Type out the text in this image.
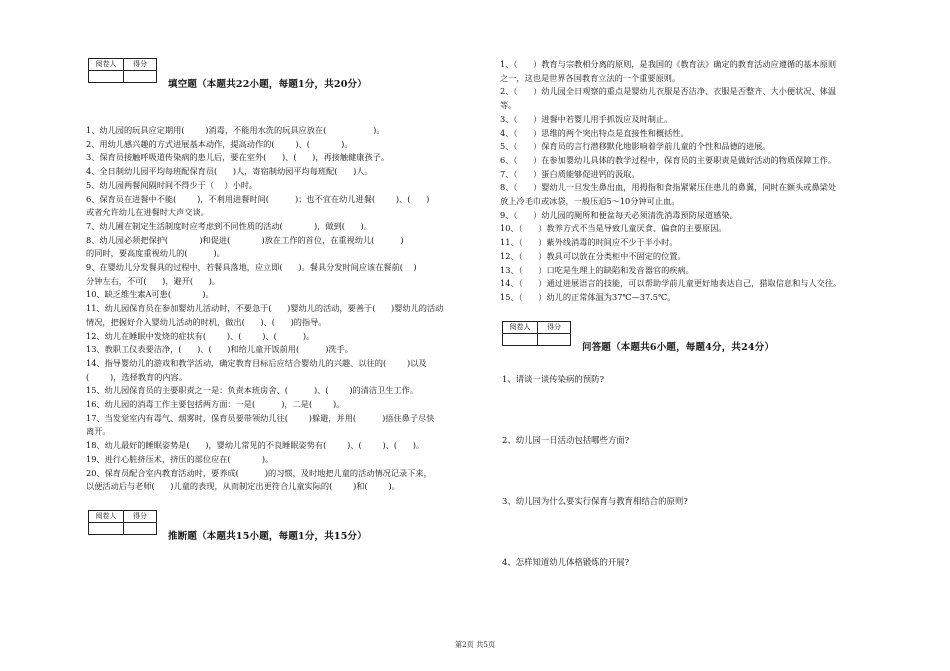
阅卷人	得分

填空题（本题共22小题，每题1分，共20分）
1、幼儿园的玩具应定期用(        )消毒，不能用水洗的玩具应放在(                  )。
2、用幼儿感兴趣的方式进展基本动作，提高动作的(        )、(            )。
3、保育员接触呼吸道传染病的患儿后，要在室外(      )、(      )，再接触健康孩子。
4、全日制幼儿园平均每班配保育员(      )人，寄宿制幼园平均每班配(      )人。
5、幼儿园两餐间隔时间不得少于（    ）小时。
6、保育员在进餐中不能(        )，不利用进餐时间(          )；也不宜在幼儿进餐(        )、(      )
或者允许幼儿在进餐时大声交谈。
7、幼儿圃在制定生活制度时应考虑到不同性质的活动(            )，做到(      )。
8、幼儿园必须把保护(            )和促进(            )放在工作的首位，在重视幼儿(          )
的同时，要高度重视幼儿的(          )。
9、在婴幼儿分发餐具的过程中，若餐具落地，应立即(      )。餐具分发时间应该在餐前(    )
分钟左右，不可(      )，避开(      )。
10、缺乏维生素A可患(            )。
11、幼儿园保育员在参加婴幼儿活动时，不要急于(      )婴幼儿的活动，要善于(      )婴幼儿的活动
情况，把握好介入婴幼儿活动的时机，做出(      )、(      )的指导。
12、幼儿在睡眠中发烧的症状有(        )、(        )、(          )。
13、教职工仪表要洁净，(      )、(      )和给儿童开饭前用(          )洗手。
14、指导婴幼儿的游戏和教学活动，确定教育目标后应结合婴幼儿的兴趣、以往的(        )以及
(        )，选择教育的内容。
15、幼儿园保育员的主要职责之一是：负责本班房舍、(          )、(        )的清洁卫生工作。
16、幼儿园的消毒工作主要包括两方面：一是(          )，二是(        )。
17、当发觉室内有毒气、烟雾时，保育员要带领幼儿往(        )躲避，并用(          )捂住鼻子尽快
离开。
18、幼儿最好的睡眠姿势是(      )，婴幼儿常见的不良睡眠姿势有(        )、(        )、(      )。
19、进行心脏挤压术，挤压的部位应在(            )。
20、保育员配合室内教育活动时，要养成(          )的习惯，及时地把儿童的活动情况记录下来，
以便活动后与老师(      )儿童的表现，从而制定出更符合儿童实际的(        )和(        )。
阅卷人	得分

推断题（本题共15小题，每题1分，共15分）
1、（      ）教育与宗教相分离的原则，是我国的《教育法》确定的教育活动应遵循的基本原则
之一，这也是世界各国教育立法的一个重要原则。
2、（      ）幼儿园全日观察的重点是婴幼儿衣服是否洁净、衣服是否整齐、大小便状况、体温
等。
3、（      ）进餐中若婴儿用手抓饭应及时制止。
4、（      ）思维的两个突出特点是直接性和概括性。
5、（      ）保育员的言行潜移默化地影响着学前儿童的个性和品德的进展。
6、（      ）在参加婴幼儿具体的教学过程中，保育员的主要职责是做好活动的物质保障工作。
7、（      ）蛋白质能够促进钙的汲取。
8、（      ）婴幼儿一旦发生鼻出血，用拇指和食指紧紧压住患儿的鼻翼，同时在额头或鼻梁处
放上冷毛巾或冰袋，一般压迫5～10分钟可止血。
9、（      ）幼儿园的厕所和便盆每天必须清洗消毒预防尿道感染。
10、（      ）教养方式不当是导致儿童厌食、偏食的主要原因。
11、（      ）紫外线消毒的时间应不少于半小时。
12、（      ）教具可以放在分类柜中不固定的位置。
13、（      ）口吃是生理上的缺陷和发音器官的疾病。
14、（      ）通过进展语言的技能，可以帮助学前儿童更好地表达自己，猎取信息和与人交往。
15、（      ）幼儿的正常体温为37℃—37.5℃。
阅卷人	得分

问答题（本题共6小题，每题4分，共24分）
1、请谈一谈传染病的预防?
2、幼儿园一日活动包括哪些方面?
3、幼儿园为什么要实行保育与教育相结合的原则?
4、怎样知道幼儿体格锻炼的开展?
第2页 共5页
